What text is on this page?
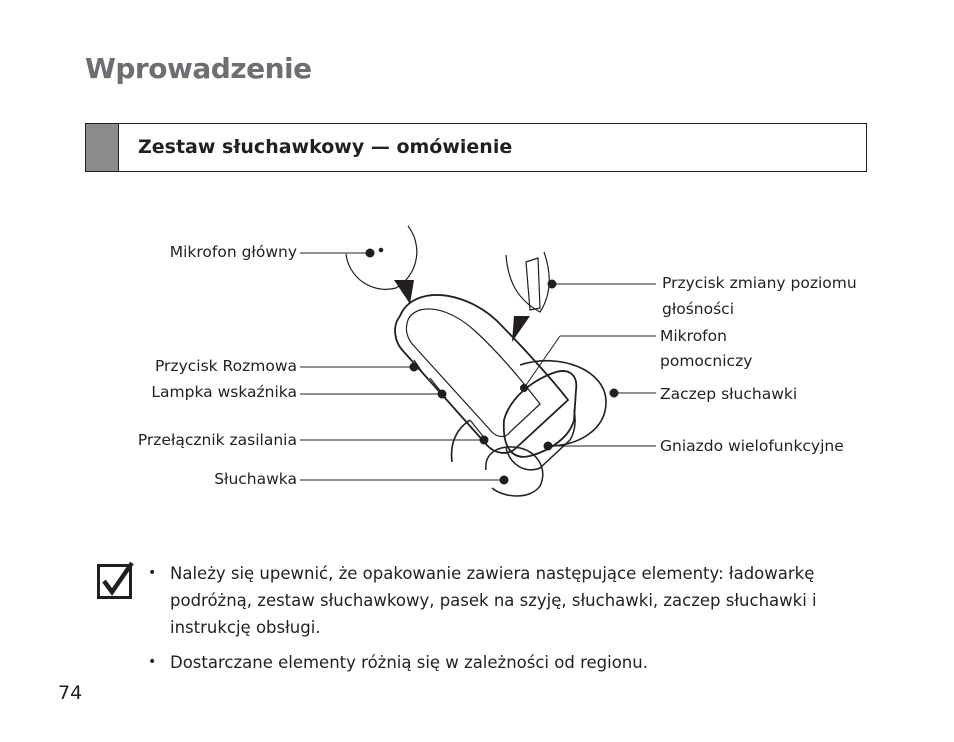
Wprowadzenie
Zestaw słuchawkowy — omówienie
Mikrofon główny
Przycisk zmiany poziomu
głośności
Mikrofon
pomocniczy
Przycisk Rozmowa
Lampka wskaźnika	Zaczep słuchawki
Przełącznik zasilania	Gniazdo wielofunkcyjne
Słuchawka
• Należy się upewnić, że opakowanie zawiera następujące elementy: ładowarkę podróżną, zestaw słuchawkowy, pasek na szyję, słuchawki, zaczep słuchawki i instrukcję obsługi.
• Dostarczane elementy różnią się w zależności od regionu.
74
